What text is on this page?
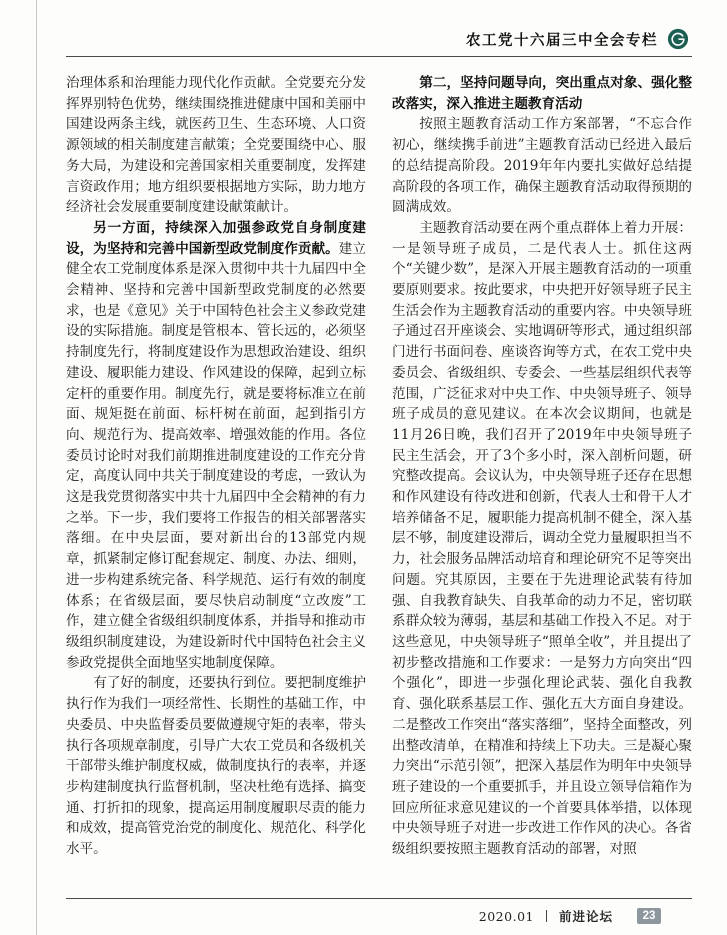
农工党十六届三中全会专栏

治理体系和治理能力现代化作贡献。全党要充分发挥界别特色优势，继续围绕推进健康中国和美丽中国建设两条主线，就医药卫生、生态环境、人口资源领域的相关制度建言献策；全党要围绕中心、服务大局，为建设和完善国家相关重要制度，发挥建言资政作用；地方组织要根据地方实际，助力地方经济社会发展重要制度建设献策献计。

另一方面，持续深入加强参政党自身制度建设，为坚持和完善中国新型政党制度作贡献。建立健全农工党制度体系是深入贯彻中共十九届四中全会精神、坚持和完善中国新型政党制度的必然要求，也是《意见》关于中国特色社会主义参政党建设的实际措施。制度是管根本、管长远的，必须坚持制度先行，将制度建设作为思想政治建设、组织建设、履职能力建设、作风建设的保障，起到立标定杆的重要作用。制度先行，就是要将标准立在前面、规矩挺在前面、标杆树在前面，起到指引方向、规范行为、提高效率、增强效能的作用。各位委员讨论时对我们前期推进制度建设的工作充分肯定，高度认同中共关于制度建设的考虑，一致认为这是我党贯彻落实中共十九届四中全会精神的有力之举。下一步，我们要将工作报告的相关部署落实落细。在中央层面，要对新出台的13部党内规章，抓紧制定修订配套规定、制度、办法、细则，进一步构建系统完备、科学规范、运行有效的制度体系；在省级层面，要尽快启动制度“立改废”工作，建立健全省级组织制度体系，并指导和推动市级组织制度建设，为建设新时代中国特色社会主义参政党提供全面地坚实地制度保障。

有了好的制度，还要执行到位。要把制度维护执行作为我们一项经常性、长期性的基础工作，中央委员、中央监督委员要做遵规守矩的表率，带头执行各项规章制度，引导广大农工党员和各级机关干部带头维护制度权威，做制度执行的表率，并逐步构建制度执行监督机制，坚决杜绝有选择、搞变通、打折扣的现象，提高运用制度履职尽责的能力和成效，提高管党治党的制度化、规范化、科学化水平。

第二，坚持问题导向，突出重点对象、强化整改落实，深入推进主题教育活动

按照主题教育活动工作方案部署，“不忘合作初心，继续携手前进”主题教育活动已经进入最后的总结提高阶段。2019年年内要扎实做好总结提高阶段的各项工作，确保主题教育活动取得预期的圆满成效。

主题教育活动要在两个重点群体上着力开展：一是领导班子成员，二是代表人士。抓住这两个“关键少数”，是深入开展主题教育活动的一项重要原则要求。按此要求，中央把开好领导班子民主生活会作为主题教育活动的重要内容。中央领导班子通过召开座谈会、实地调研等形式，通过组织部门进行书面问卷、座谈咨询等方式，在农工党中央委员会、省级组织、专委会、一些基层组织代表等范围，广泛征求对中央工作、中央领导班子、领导班子成员的意见建议。在本次会议期间，也就是11月26日晚，我们召开了2019年中央领导班子民主生活会，开了3个多小时，深入剖析问题，研究整改提高。会议认为，中央领导班子还存在思想和作风建设有待改进和创新，代表人士和骨干人才培养储备不足，履职能力提高机制不健全，深入基层不够，制度建设滞后，调动全党力量履职担当不力，社会服务品牌活动培育和理论研究不足等突出问题。究其原因，主要在于先进理论武装有待加强、自我教育缺失、自我革命的动力不足，密切联系群众较为薄弱，基层和基础工作投入不足。对于这些意见，中央领导班子“照单全收”，并且提出了初步整改措施和工作要求：一是努力方向突出“四个强化”，即进一步强化理论武装、强化自我教育、强化联系基层工作、强化五大方面自身建设。二是整改工作突出“落实落细”，坚持全面整改，列出整改清单，在精准和持续上下功夫。三是凝心聚力突出“示范引领”，把深入基层作为明年中央领导班子建设的一个重要抓手，并且设立领导信箱作为回应所征求意见建议的一个首要具体举措，以体现中央领导班子对进一步改进工作作风的决心。各省级组织要按照主题教育活动的部署，对照

2020.01 前进论坛	23
